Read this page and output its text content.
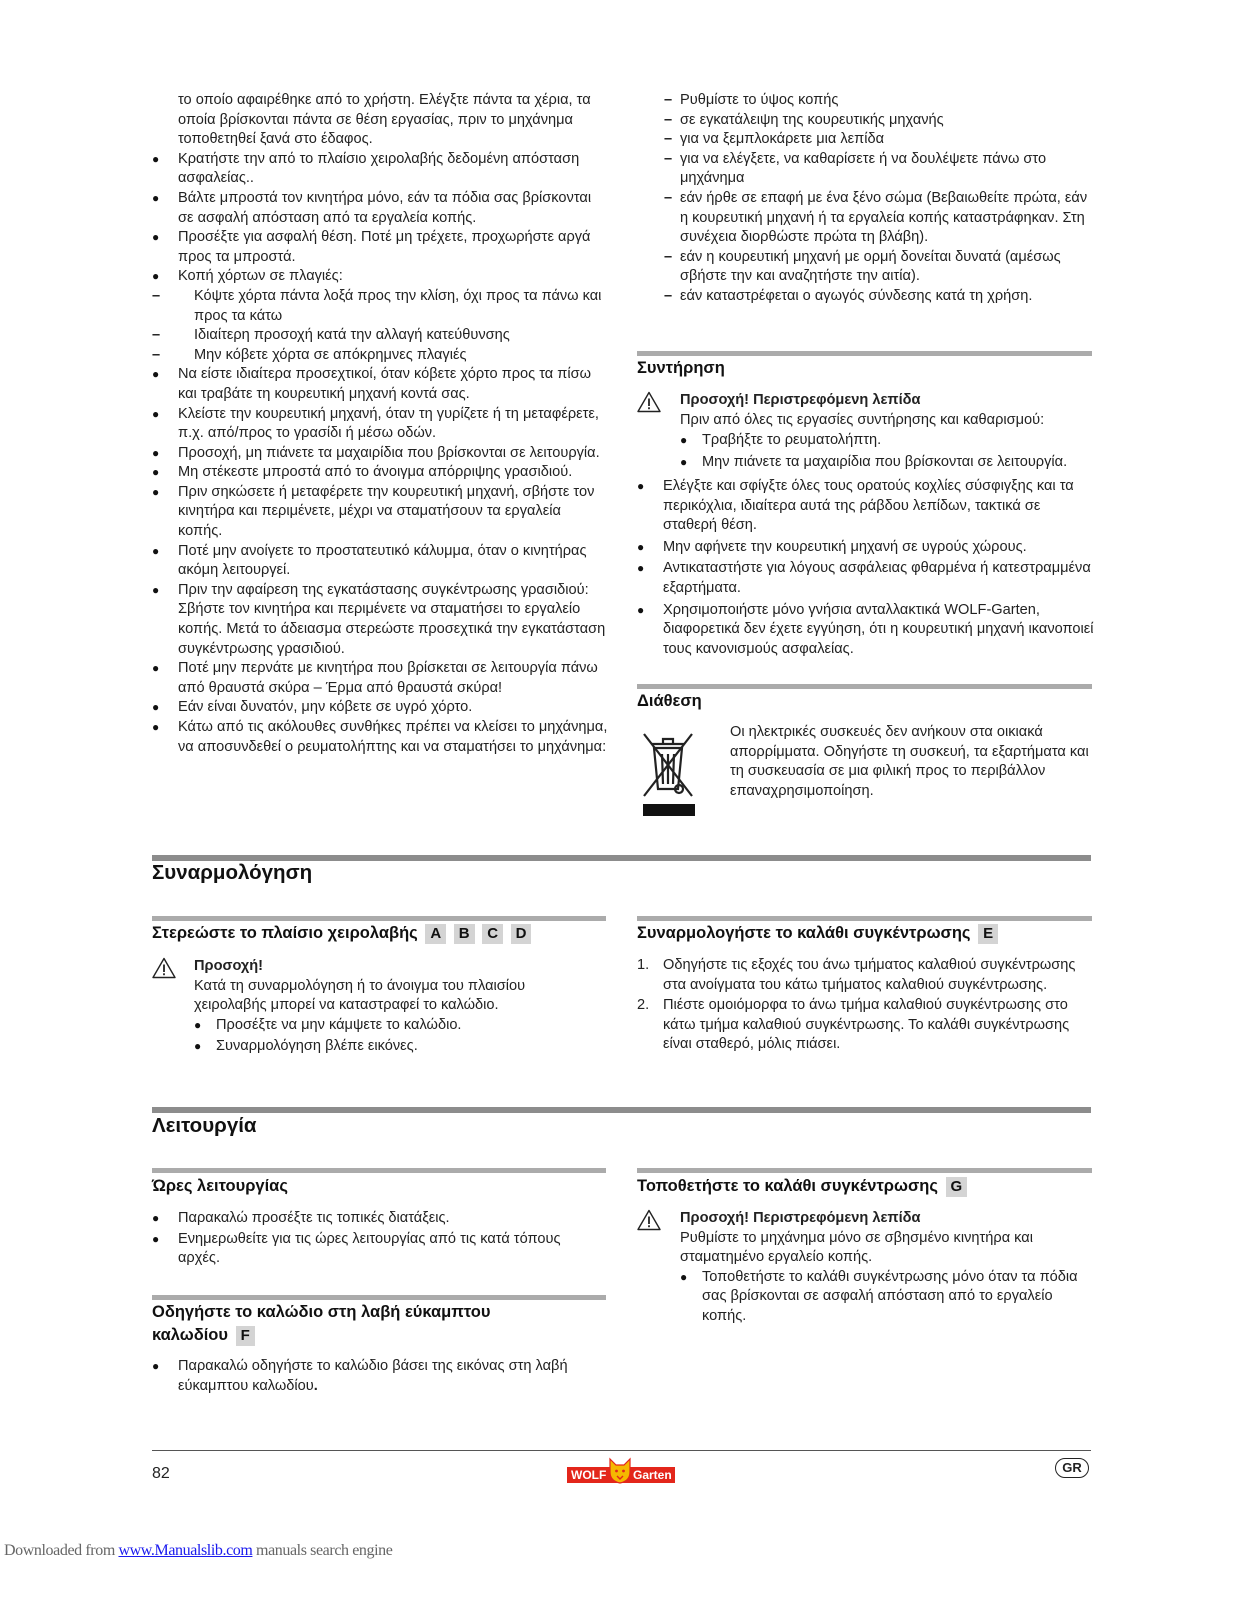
το οποίο αφαιρέθηκε από το χρήστη. Ελέγξτε πάντα τα χέρια, τα οποία βρίσκονται πάντα σε θέση εργασίας, πριν το μηχάνημα τοποθετηθεί ξανά στο έδαφος.
● Κρατήστε την από το πλαίσιο χειρολαβής δεδομένη απόσταση ασφαλείας..
● Βάλτε μπροστά τον κινητήρα μόνο, εάν τα πόδια σας βρίσκονται σε ασφαλή απόσταση από τα εργαλεία κοπής.
● Προσέξτε για ασφαλή θέση. Ποτέ μη τρέχετε, προχωρήστε αργά προς τα μπροστά.
● Κοπή χόρτων σε πλαγιές:
– Κόψτε χόρτα πάντα λοξά προς την κλίση, όχι προς τα πάνω και προς τα κάτω
– Ιδιαίτερη προσοχή κατά την αλλαγή κατεύθυνσης
– Μην κόβετε χόρτα σε απόκρημνες πλαγιές
● Να είστε ιδιαίτερα προσεχτικοί, όταν κόβετε χόρτο προς τα πίσω και τραβάτε τη κουρευτική μηχανή κοντά σας.
● Κλείστε την κουρευτική μηχανή, όταν τη γυρίζετε ή τη μεταφέρετε, π.χ. από/προς το γρασίδι ή μέσω οδών.
● Προσοχή, μη πιάνετε τα μαχαιρίδια που βρίσκονται σε λειτουργία.
● Μη στέκεστε μπροστά από το άνοιγμα απόρριψης γρασιδιού.
● Πριν σηκώσετε ή μεταφέρετε την κουρευτική μηχανή, σβήστε τον κινητήρα και περιμένετε, μέχρι να σταματήσουν τα εργαλεία κοπής.
● Ποτέ μην ανοίγετε το προστατευτικό κάλυμμα, όταν ο κινητήρας ακόμη λειτουργεί.
● Πριν την αφαίρεση της εγκατάστασης συγκέντρωσης γρασιδιού: Σβήστε τον κινητήρα και περιμένετε να σταματήσει το εργαλείο κοπής. Μετά το άδειασμα στερεώστε προσεχτικά την εγκατάσταση συγκέντρωσης γρασιδιού.
● Ποτέ μην περνάτε με κινητήρα που βρίσκεται σε λειτουργία πάνω από θραυστά σκύρα – Έρμα από θραυστά σκύρα!
● Εάν είναι δυνατόν, μην κόβετε σε υγρό χόρτο.
● Κάτω από τις ακόλουθες συνθήκες πρέπει να κλείσει το μηχάνημα, να αποσυνδεθεί ο ρευματολήπτης και να σταματήσει το μηχάνημα:
– Ρυθμίστε το ύψος κοπής
– σε εγκατάλειψη της κουρευτικής μηχανής
– για να ξεμπλοκάρετε μια λεπίδα
– για να ελέγξετε, να καθαρίσετε ή να δουλέψετε πάνω στο μηχάνημα
– εάν ήρθε σε επαφή με ένα ξένο σώμα (Βεβαιωθείτε πρώτα, εάν η κουρευτική μηχανή ή τα εργαλεία κοπής καταστράφηκαν. Στη συνέχεια διορθώστε πρώτα τη βλάβη).
– εάν η κουρευτική μηχανή με ορμή δονείται δυνατά (αμέσως σβήστε την και αναζητήστε την αιτία).
– εάν καταστρέφεται ο αγωγός σύνδεσης κατά τη χρήση.
Συντήρηση
Προσοχή! Περιστρεφόμενη λεπίδα
Πριν από όλες τις εργασίες συντήρησης και καθαρισμού:
● Τραβήξτε το ρευματολήπτη.
● Μην πιάνετε τα μαχαιρίδια που βρίσκονται σε λειτουργία.
● Ελέγξτε και σφίγξτε όλες τους ορατούς κοχλίες σύσφιγξης και τα περικόχλια, ιδιαίτερα αυτά της ράβδου λεπίδων, τακτικά σε σταθερή θέση.
● Μην αφήνετε την κουρευτική μηχανή σε υγρούς χώρους.
● Αντικαταστήστε για λόγους ασφάλειας φθαρμένα ή κατεστραμμένα εξαρτήματα.
● Χρησιμοποιήστε μόνο γνήσια ανταλλακτικά WOLF-Garten, διαφορετικά δεν έχετε εγγύηση, ότι η κουρευτική μηχανή ικανοποιεί τους κανονισμούς ασφαλείας.
Διάθεση
Οι ηλεκτρικές συσκευές δεν ανήκουν στα οικιακά απορρίμματα. Οδηγήστε τη συσκευή, τα εξαρτήματα και τη συσκευασία σε μια φιλική προς το περιβάλλον επαναχρησιμοποίηση.
Συναρμολόγηση
Στερεώστε το πλαίσιο χειρολαβής A B C D
Προσοχή!
Κατά τη συναρμολόγηση ή το άνοιγμα του πλαισίου χειρολαβής μπορεί να καταστραφεί το καλώδιο.
● Προσέξτε να μην κάμψετε το καλώδιο.
● Συναρμολόγηση βλέπε εικόνες.
Συναρμολογήστε το καλάθι συγκέντρωσης E
1. Οδηγήστε τις εξοχές του άνω τμήματος καλαθιού συγκέντρωσης στα ανοίγματα του κάτω τμήματος καλαθιού συγκέντρωσης.
2. Πιέστε ομοιόμορφα το άνω τμήμα καλαθιού συγκέντρωσης στο κάτω τμήμα καλαθιού συγκέντρωσης. Το καλάθι συγκέντρωσης είναι σταθερό, μόλις πιάσει.
Λειτουργία
Ώρες λειτουργίας
● Παρακαλώ προσέξτε τις τοπικές διατάξεις.
● Ενημερωθείτε για τις ώρες λειτουργίας από τις κατά τόπους αρχές.
Οδηγήστε το καλώδιο στη λαβή εύκαμπτου
καλωδίου F
● Παρακαλώ οδηγήστε το καλώδιο βάσει της εικόνας στη λαβή εύκαμπτου καλωδίου.
Τοποθετήστε το καλάθι συγκέντρωσης G
Προσοχή! Περιστρεφόμενη λεπίδα
Ρυθμίστε το μηχάνημα μόνο σε σβησμένο κινητήρα και σταματημένο εργαλείο κοπής.
● Τοποθετήστε το καλάθι συγκέντρωσης μόνο όταν τα πόδια σας βρίσκονται σε ασφαλή απόσταση από το εργαλείο κοπής.
82	WOLF Garten	GR
Downloaded from www.Manualslib.com manuals search engine
